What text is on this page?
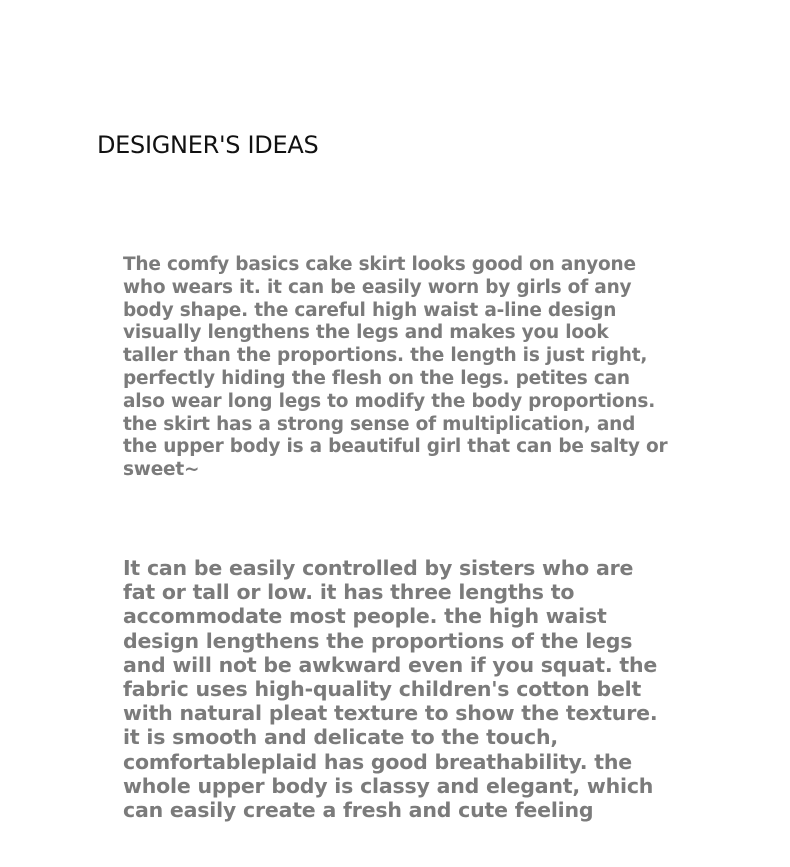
DESIGNER'S IDEAS

The comfy basics cake skirt looks good on anyone who wears it. it can be easily worn by girls of any body shape. the careful high waist a-line design visually lengthens the legs and makes you look taller than the proportions. the length is just right, perfectly hiding the flesh on the legs. petites can also wear long legs to modify the body proportions. the skirt has a strong sense of multiplication, and the upper body is a beautiful girl that can be salty or sweet~

It can be easily controlled by sisters who are fat or tall or low. it has three lengths to accommodate most people. the high waist design lengthens the proportions of the legs and will not be awkward even if you squat. the fabric uses high-quality children's cotton belt with natural pleat texture to show the texture. it is smooth and delicate to the touch, comfortableplaid has good breathability. the whole upper body is classy and elegant, which can easily create a fresh and cute feeling
